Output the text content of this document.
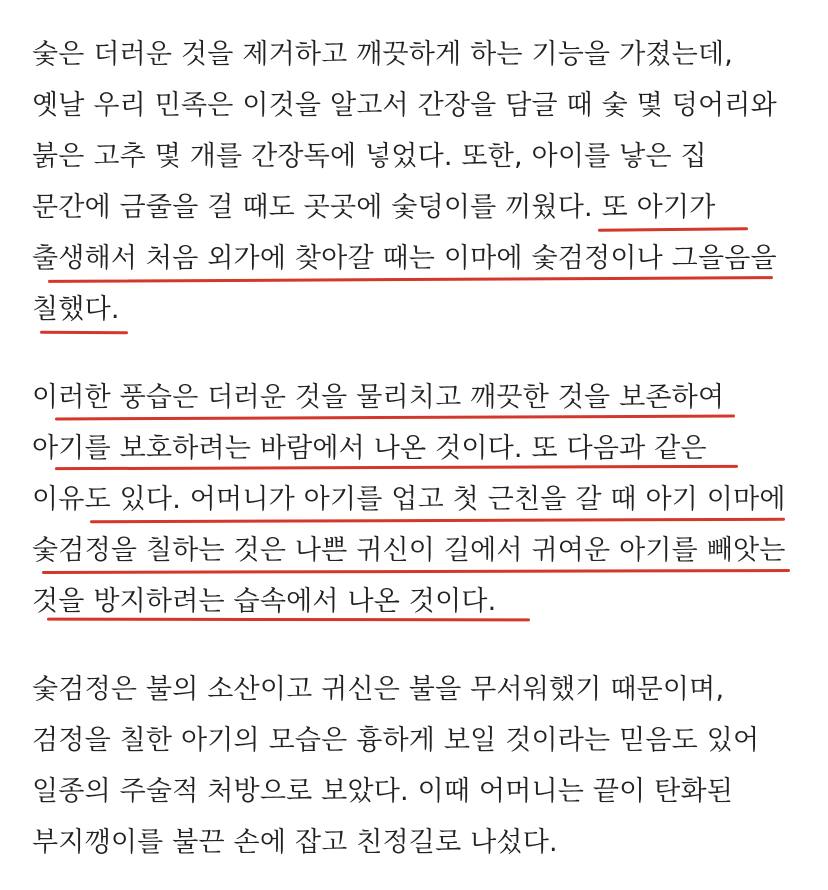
숯은 더러운 것을 제거하고 깨끗하게 하는 기능을 가졌는데,
옛날 우리 민족은 이것을 알고서 간장을 담글 때 숯 몇 덩어리와
붉은 고추 몇 개를 간장독에 넣었다. 또한, 아이를 낳은 집
문간에 금줄을 걸 때도 곳곳에 숯덩이를 끼웠다. 또 아기가
출생해서 처음 외가에 찾아갈 때는 이마에 숯검정이나 그을음을
칠했다.
이러한 풍습은 더러운 것을 물리치고 깨끗한 것을 보존하여
아기를 보호하려는 바람에서 나온 것이다. 또 다음과 같은
이유도 있다. 어머니가 아기를 업고 첫 근친을 갈 때 아기 이마에
숯검정을 칠하는 것은 나쁜 귀신이 길에서 귀여운 아기를 빼앗는
것을 방지하려는 습속에서 나온 것이다.
숯검정은 불의 소산이고 귀신은 불을 무서워했기 때문이며,
검정을 칠한 아기의 모습은 흉하게 보일 것이라는 믿음도 있어
일종의 주술적 처방으로 보았다. 이때 어머니는 끝이 탄화된
부지깽이를 불끈 손에 잡고 친정길로 나섰다.
